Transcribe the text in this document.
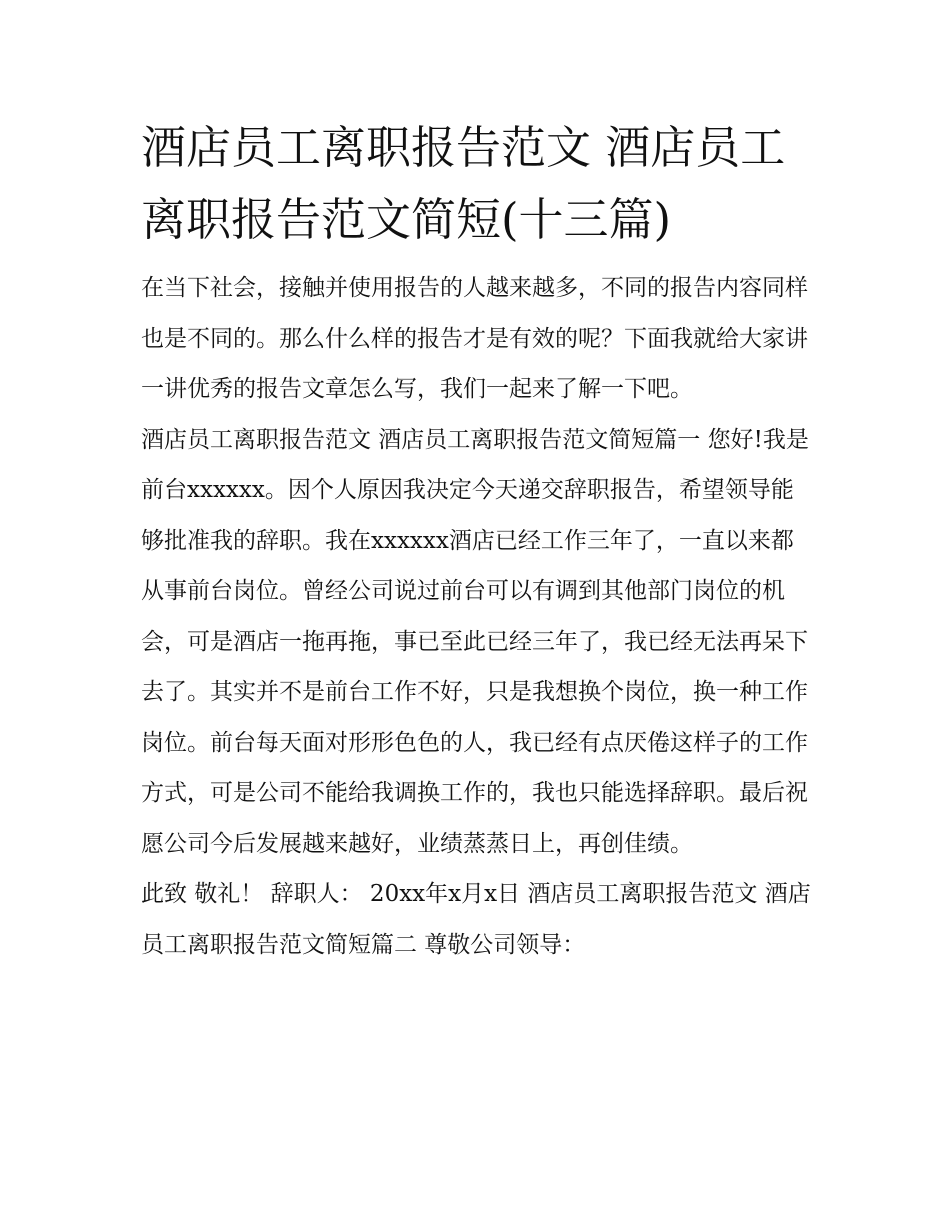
酒店员工离职报告范文 酒店员工离职报告范文简短(十三篇)

在当下社会，接触并使用报告的人越来越多，不同的报告内容同样也是不同的。那么什么样的报告才是有效的呢？下面我就给大家讲一讲优秀的报告文章怎么写，我们一起来了解一下吧。

酒店员工离职报告范文 酒店员工离职报告范文简短篇一 您好!我是前台xxxxxx。因个人原因我决定今天递交辞职报告，希望领导能够批准我的辞职。我在xxxxxx酒店已经工作三年了，一直以来都从事前台岗位。曾经公司说过前台可以有调到其他部门岗位的机会，可是酒店一拖再拖，事已至此已经三年了，我已经无法再呆下去了。其实并不是前台工作不好，只是我想换个岗位，换一种工作岗位。前台每天面对形形色色的人，我已经有点厌倦这样子的工作方式，可是公司不能给我调换工作的，我也只能选择辞职。最后祝愿公司今后发展越来越好，业绩蒸蒸日上，再创佳绩。

此致 敬礼！ 辞职人： 20xx年x月x日 酒店员工离职报告范文 酒店员工离职报告范文简短篇二 尊敬公司领导：
